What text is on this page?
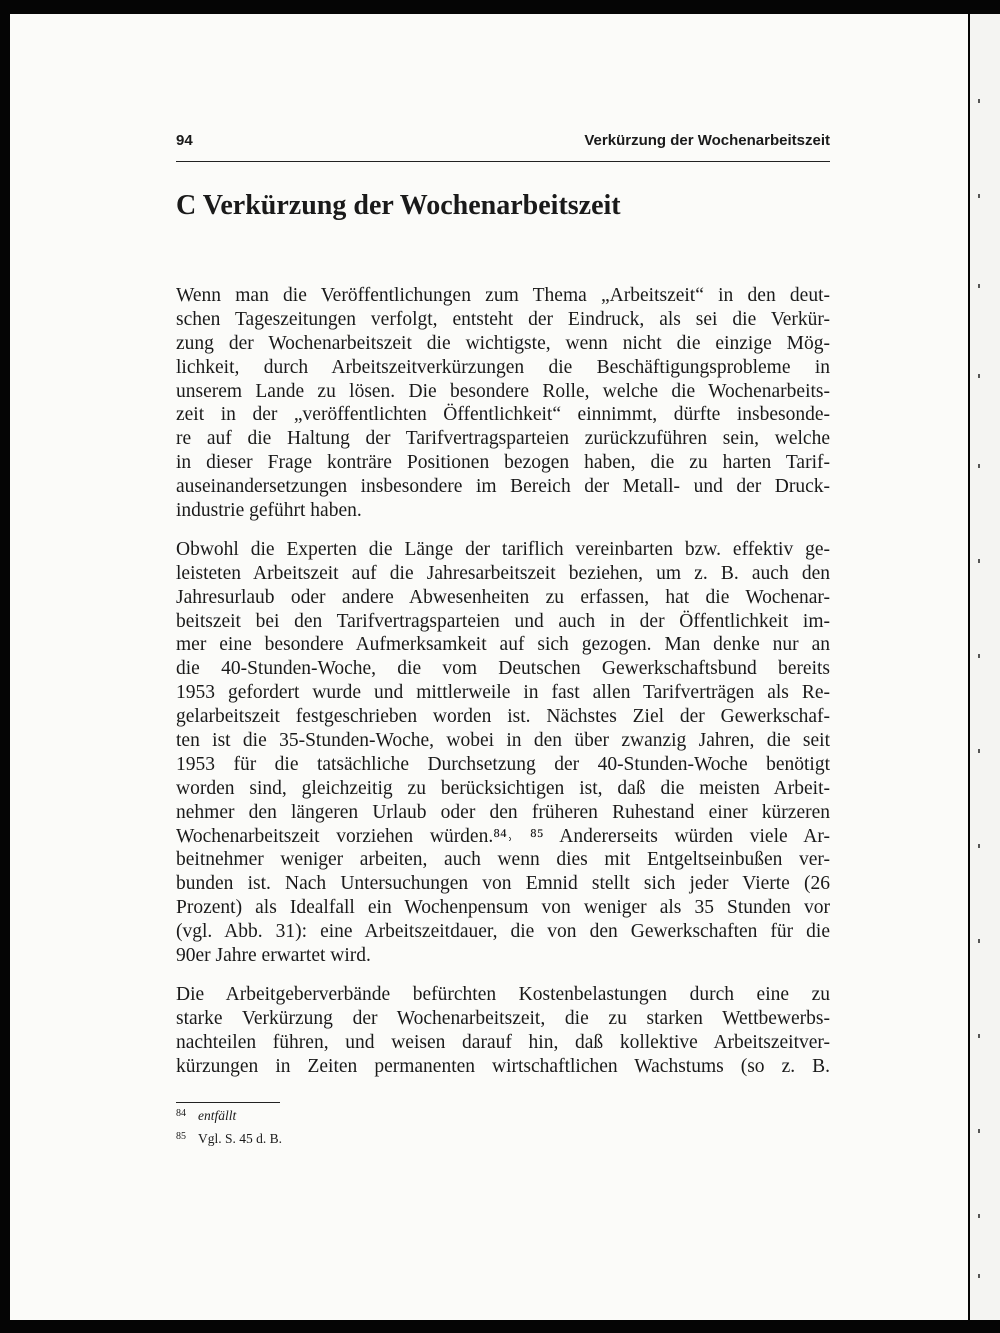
94	Verkürzung der Wochenarbeitszeit
C Verkürzung der Wochenarbeitszeit
Wenn man die Veröffentlichungen zum Thema „Arbeitszeit“ in den deut-
schen Tageszeitungen verfolgt, entsteht der Eindruck, als sei die Verkür-
zung der Wochenarbeitszeit die wichtigste, wenn nicht die einzige Mög-
lichkeit, durch Arbeitszeitverkürzungen die Beschäftigungsprobleme in
unserem Lande zu lösen. Die besondere Rolle, welche die Wochenarbeits-
zeit in der „veröffentlichten Öffentlichkeit“ einnimmt, dürfte insbesonde-
re auf die Haltung der Tarifvertragsparteien zurückzuführen sein, welche
in dieser Frage konträre Positionen bezogen haben, die zu harten Tarif-
auseinandersetzungen insbesondere im Bereich der Metall- und der Druck-
industrie geführt haben.
Obwohl die Experten die Länge der tariflich vereinbarten bzw. effektiv ge-
leisteten Arbeitszeit auf die Jahresarbeitszeit beziehen, um z. B. auch den
Jahresurlaub oder andere Abwesenheiten zu erfassen, hat die Wochenar-
beitszeit bei den Tarifvertragsparteien und auch in der Öffentlichkeit im-
mer eine besondere Aufmerksamkeit auf sich gezogen. Man denke nur an
die 40-Stunden-Woche, die vom Deutschen Gewerkschaftsbund bereits
1953 gefordert wurde und mittlerweile in fast allen Tarifverträgen als Re-
gelarbeitszeit festgeschrieben worden ist. Nächstes Ziel der Gewerkschaf-
ten ist die 35-Stunden-Woche, wobei in den über zwanzig Jahren, die seit
1953 für die tatsächliche Durchsetzung der 40-Stunden-Woche benötigt
worden sind, gleichzeitig zu berücksichtigen ist, daß die meisten Arbeit-
nehmer den längeren Urlaub oder den früheren Ruhestand einer kürzeren
Wochenarbeitszeit vorziehen würden.⁸⁴˒ ⁸⁵ Andererseits würden viele Ar-
beitnehmer weniger arbeiten, auch wenn dies mit Entgeltseinbußen ver-
bunden ist. Nach Untersuchungen von Emnid stellt sich jeder Vierte (26
Prozent) als Idealfall ein Wochenpensum von weniger als 35 Stunden vor
(vgl. Abb. 31): eine Arbeitszeitdauer, die von den Gewerkschaften für die
90er Jahre erwartet wird.
Die Arbeitgeberverbände befürchten Kostenbelastungen durch eine zu
starke Verkürzung der Wochenarbeitszeit, die zu starken Wettbewerbs-
nachteilen führen, und weisen darauf hin, daß kollektive Arbeitszeitver-
kürzungen in Zeiten permanenten wirtschaftlichen Wachstums (so z. B.
84 entfällt
85 Vgl. S. 45 d. B.
